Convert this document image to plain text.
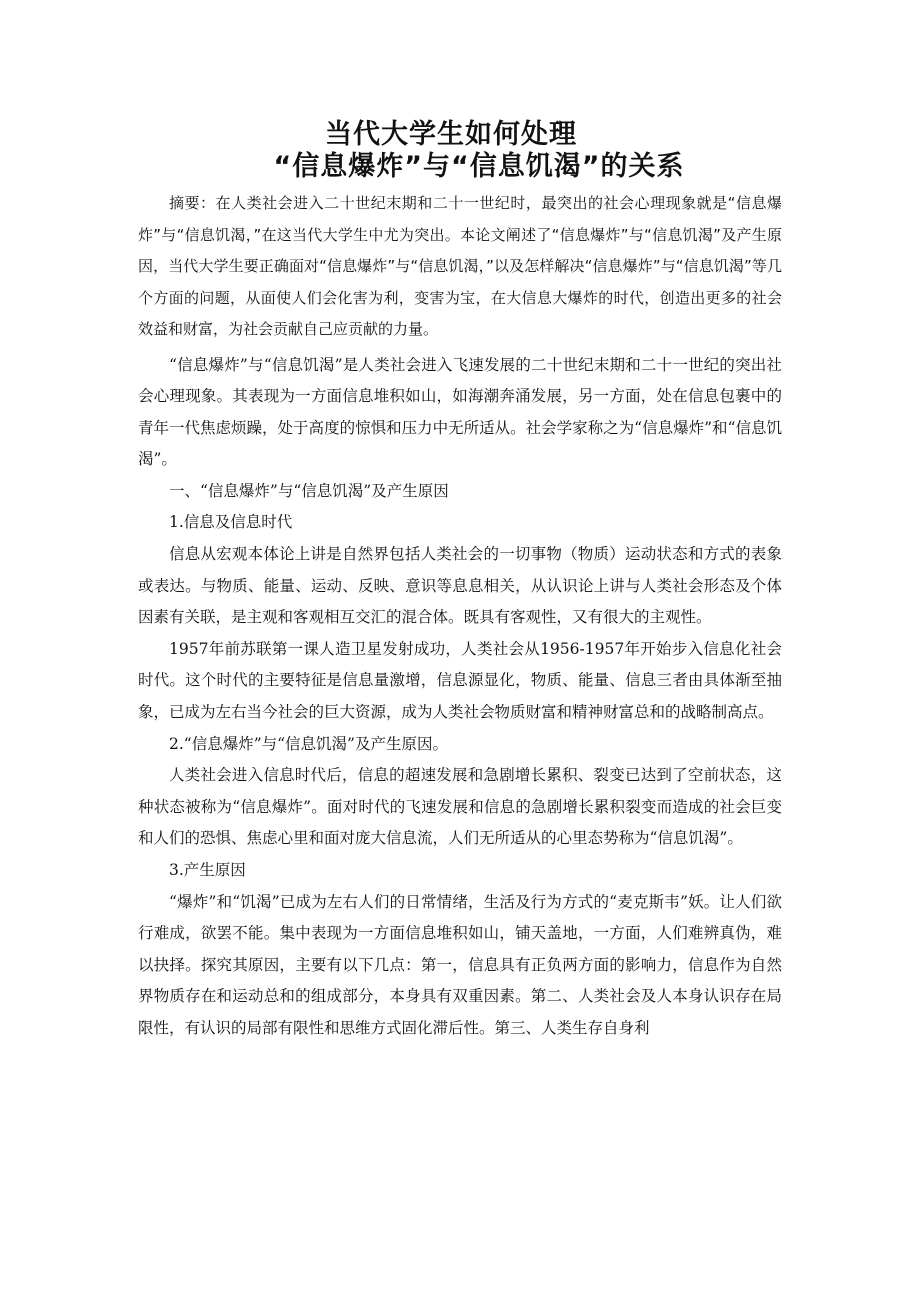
当代大学生如何处理
“信息爆炸”与“信息饥渴”的关系

摘要：在人类社会进入二十世纪末期和二十一世纪时，最突出的社会心理现象就是“信息爆炸”与“信息饥渴，”在这当代大学生中尤为突出。本论文阐述了“信息爆炸”与“信息饥渴”及产生原因，当代大学生要正确面对“信息爆炸”与“信息饥渴，”以及怎样解决“信息爆炸”与“信息饥渴”等几个方面的问题，从面使人们会化害为利，变害为宝，在大信息大爆炸的时代，创造出更多的社会效益和财富，为社会贡献自己应贡献的力量。

“信息爆炸”与“信息饥渴”是人类社会进入飞速发展的二十世纪末期和二十一世纪的突出社会心理现象。其表现为一方面信息堆积如山，如海潮奔涌发展，另一方面，处在信息包裹中的青年一代焦虑烦躁，处于高度的惊惧和压力中无所适从。社会学家称之为“信息爆炸”和“信息饥渴”。

一、“信息爆炸”与“信息饥渴”及产生原因

1.信息及信息时代

信息从宏观本体论上讲是自然界包括人类社会的一切事物（物质）运动状态和方式的表象或表达。与物质、能量、运动、反映、意识等息息相关，从认识论上讲与人类社会形态及个体因素有关联，是主观和客观相互交汇的混合体。既具有客观性，又有很大的主观性。

1957年前苏联第一课人造卫星发射成功，人类社会从1956-1957年开始步入信息化社会时代。这个时代的主要特征是信息量激增，信息源显化，物质、能量、信息三者由具体渐至抽象，已成为左右当今社会的巨大资源，成为人类社会物质财富和精神财富总和的战略制高点。

2.“信息爆炸”与“信息饥渴”及产生原因。

人类社会进入信息时代后，信息的超速发展和急剧增长累积、裂变已达到了空前状态，这种状态被称为“信息爆炸”。面对时代的飞速发展和信息的急剧增长累积裂变而造成的社会巨变和人们的恐惧、焦虑心里和面对庞大信息流，人们无所适从的心里态势称为“信息饥渴”。

3.产生原因

“爆炸”和“饥渴”已成为左右人们的日常情绪，生活及行为方式的“麦克斯韦”妖。让人们欲行难成，欲罢不能。集中表现为一方面信息堆积如山，铺天盖地，一方面，人们难辨真伪，难以抉择。探究其原因，主要有以下几点：第一，信息具有正负两方面的影响力，信息作为自然界物质存在和运动总和的组成部分，本身具有双重因素。第二、人类社会及人本身认识存在局限性，有认识的局部有限性和思维方式固化滞后性。第三、人类生存自身利
